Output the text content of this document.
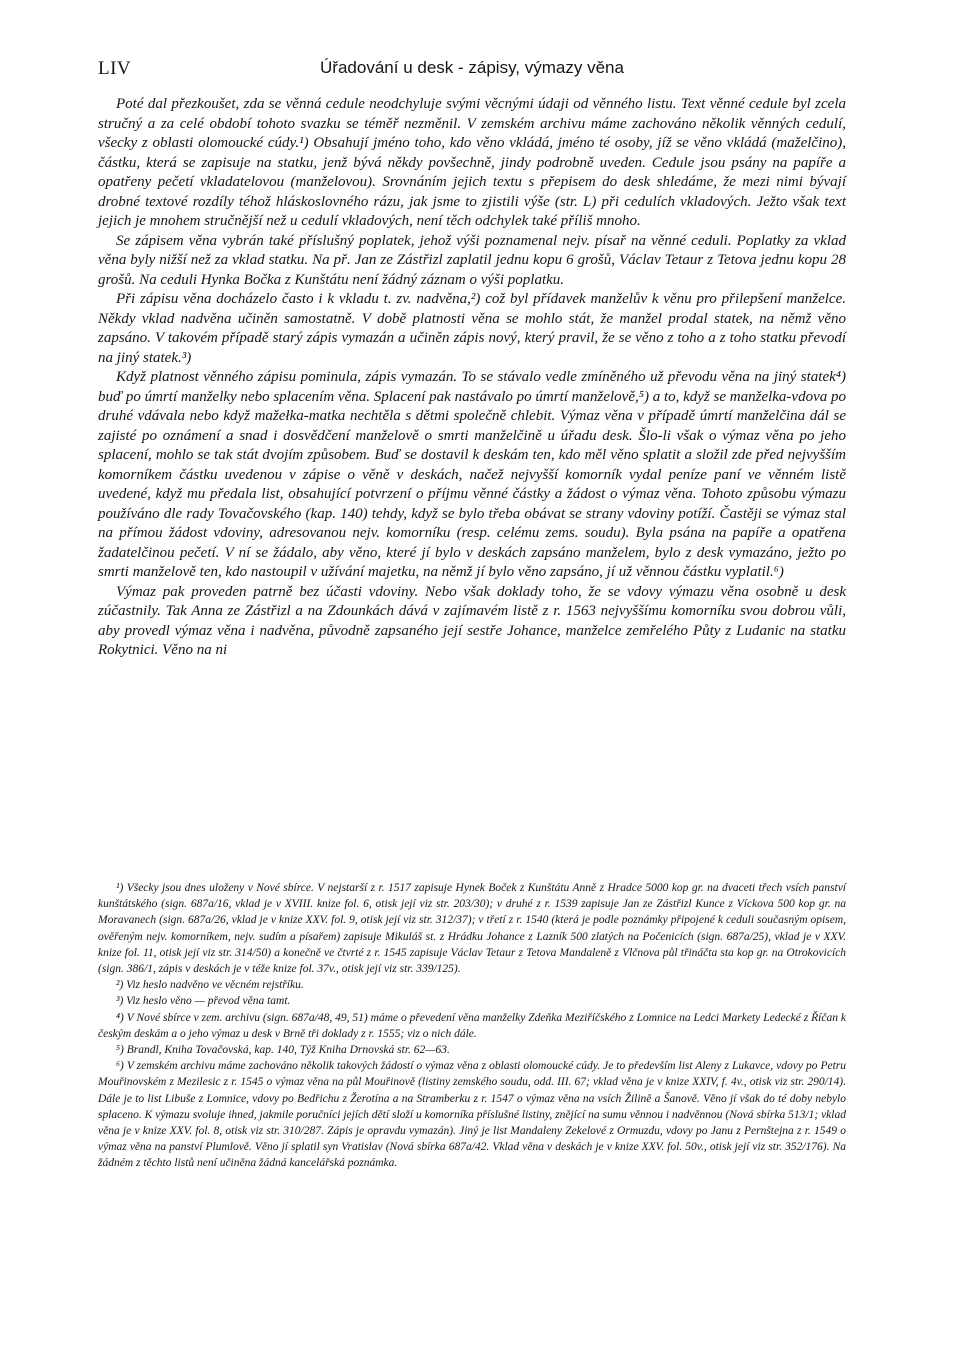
LIV	Úřadování u desk - zápisy, výmazy věna

Poté dal přezkoušet, zda se věnná cedule neodchyluje svými věcnými údaji od věnného listu. Text věnné cedule byl zcela stručný a za celé období tohoto svazku se téměř nezměnil. V zemském archivu máme zachováno několik věnných cedulí, všecky z oblasti olomoucké cúdy.¹) Obsahují jméno toho, kdo věno vkládá, jméno té osoby, jíž se věno vkládá (maželčino), částku, která se zapisuje na statku, jenž bývá někdy povšechně, jindy podrobně uveden. Cedule jsou psány na papíře a opatřeny pečetí vkladatelovou (manželovou). Srovnáním jejich textu s přepisem do desk shledáme, že mezi nimi bývají drobné textové rozdíly téhož hláskoslovného rázu, jak jsme to zjistili výše (str. L) při cedulích vkladových. Ježto však text jejich je mnohem stručnější než u cedulí vkladových, není těch odchylek také příliš mnoho.

Se zápisem věna vybrán také příslušný poplatek, jehož výši poznamenal nejv. písař na věnné ceduli. Poplatky za vklad věna byly nižší než za vklad statku. Na př. Jan ze Zástřizl zaplatil jednu kopu 6 grošů, Václav Tetaur z Tetova jednu kopu 28 grošů. Na ceduli Hynka Bočka z Kunštátu není žádný záznam o výši poplatku.

Při zápisu věna docházelo často i k vkladu t. zv. nadvěna,²) což byl přídavek manželův k věnu pro přilepšení manželce. Někdy vklad nadvěna učiněn samostatně. V době platnosti věna se mohlo stát, že manžel prodal statek, na němž věno zapsáno. V takovém případě starý zápis vymazán a učiněn zápis nový, který pravil, že se věno z toho a z toho statku převodí na jiný statek.³)

Když platnost věnného zápisu pominula, zápis vymazán. To se stávalo vedle zmíněného už převodu věna na jiný statek⁴) buď po úmrtí manželky nebo splacením věna. Splacení pak nastávalo po úmrtí manželově,⁵) a to, když se manželka-vdova po druhé vdávala nebo když mažełka-matka nechtěla s dětmi společně chlebit. Výmaz věna v případě úmrtí manželčina dál se zajisté po oznámení a snad i dosvědčení manželově o smrti manželčině u úřadu desk. Šlo-li však o výmaz věna po jeho splacení, mohlo se tak stát dvojím způsobem. Buď se dostavil k deskám ten, kdo měl věno splatit a složil zde před nejvyšším komorníkem částku uvedenou v zápise o věně v deskách, načež nejvyšší komorník vydal peníze paní ve věnném listě uvedené, když mu předala list, obsahující potvrzení o příjmu věnné částky a žádost o výmaz věna. Tohoto způsobu výmazu používáno dle rady Tovačovského (kap. 140) tehdy, když se bylo třeba obávat se strany vdoviny potíží. Častěji se výmaz stal na přímou žádost vdoviny, adresovanou nejv. komorníku (resp. celému zems. soudu). Byla psána na papíře a opatřena žadatelčinou pečetí. V ní se žádalo, aby věno, které jí bylo v deskách zapsáno manželem, bylo z desk vymazáno, ježto po smrti manželově ten, kdo nastoupil v užívání majetku, na němž jí bylo věno zapsáno, jí už věnnou částku vyplatil.⁶)

Výmaz pak proveden patrně bez účasti vdoviny. Nebo však doklady toho, že se vdovy výmazu věna osobně u desk zúčastnily. Tak Anna ze Zástřizl a na Zdounkách dává v zajímavém listě z r. 1563 nejvyššímu komorníku svou dobrou vůli, aby provedl výmaz věna i nadvěna, původně zapsaného její sestře Johance, manželce zemřelého Půty z Ludanic na statku Rokytnici. Věno na ni

¹) Všecky jsou dnes uloženy v Nové sbírce. V nejstarší z r. 1517 zapisuje Hynek Boček z Kunštátu Anně z Hradce 5000 kop gr. na dvaceti třech vsích panství kunštátského (sign. 687a/16, vklad je v XVIII. knize fol. 6, otisk její viz str. 203/30); v druhé z r. 1539 zapisuje Jan ze Zástřizl Kunce z Víckova 500 kop gr. na Moravanech (sign. 687a/26, vklad je v knize XXV. fol. 9, otisk její viz str. 312/37); v třetí z r. 1540 (která je podle poznámky připojené k ceduli současným opisem, ověřeným nejv. komorníkem, nejv. sudím a písařem) zapisuje Mikuláš st. z Hrádku Johance z Lazník 500 zlatých na Počenicích (sign. 687a/25), vklad je v XXV. knize fol. 11, otisk její viz str. 314/50) a konečně ve čtvrté z r. 1545 zapisuje Václav Tetaur z Tetova Mandaleně z Vlčnova půl třináčta sta kop gr. na Otrokovicích (sign. 386/1, zápis v deskách je v téže knize fol. 37v., otisk její viz str. 339/125).

²) Viz heslo nadvěno ve věcném rejstříku.

³) Viz heslo věno — převod věna tamt.

⁴) V Nové sbírce v zem. archivu (sign. 687a/48, 49, 51) máme o převedení věna manželky Zdeňka Meziříčského z Lomnice na Ledci Markety Ledecké z Říčan k českým deskám a o jeho výmaz u desk v Brně tři doklady z r. 1555; viz o nich dále.

⁵) Brandl, Kniha Tovačovská, kap. 140, Týž Kniha Drnovská str. 62—63.

⁶) V zemském archivu máme zachováno několik takových žádostí o výmaz věna z oblasti olomoucké cúdy. Je to především list Aleny z Lukavce, vdovy po Petru Mouřinovském z Mezilesic z r. 1545 o výmaz věna na půl Mouřinově (listiny zemského soudu, odd. III. 67; vklad věna je v knize XXIV, f. 4v., otisk viz str. 290/14). Dále je to list Libuše z Lomnice, vdovy po Bedřichu z Žerotína a na Stramberku z r. 1547 o výmaz věna na vsích Žilině a Šanově. Věno jí však do té doby nebylo splaceno. K výmazu svoluje ihned, jakmile poručníci jejích dětí složí u komorníka příslušné listiny, znějící na sumu věnnou i nadvěnnou (Nová sbírka 513/1; vklad věna je v knize XXV. fol. 8, otisk viz str. 310/287. Zápis je opravdu vymazán). Jiný je list Mandaleny Zekelové z Ormuzdu, vdovy po Janu z Pernštejna z r. 1549 o výmaz věna na panství Plumlově. Věno jí splatil syn Vratislav (Nová sbírka 687a/42. Vklad věna v deskách je v knize XXV. fol. 50v., otisk její viz str. 352/176). Na žádném z těchto listů není učiněna žádná kancelářská poznámka.
